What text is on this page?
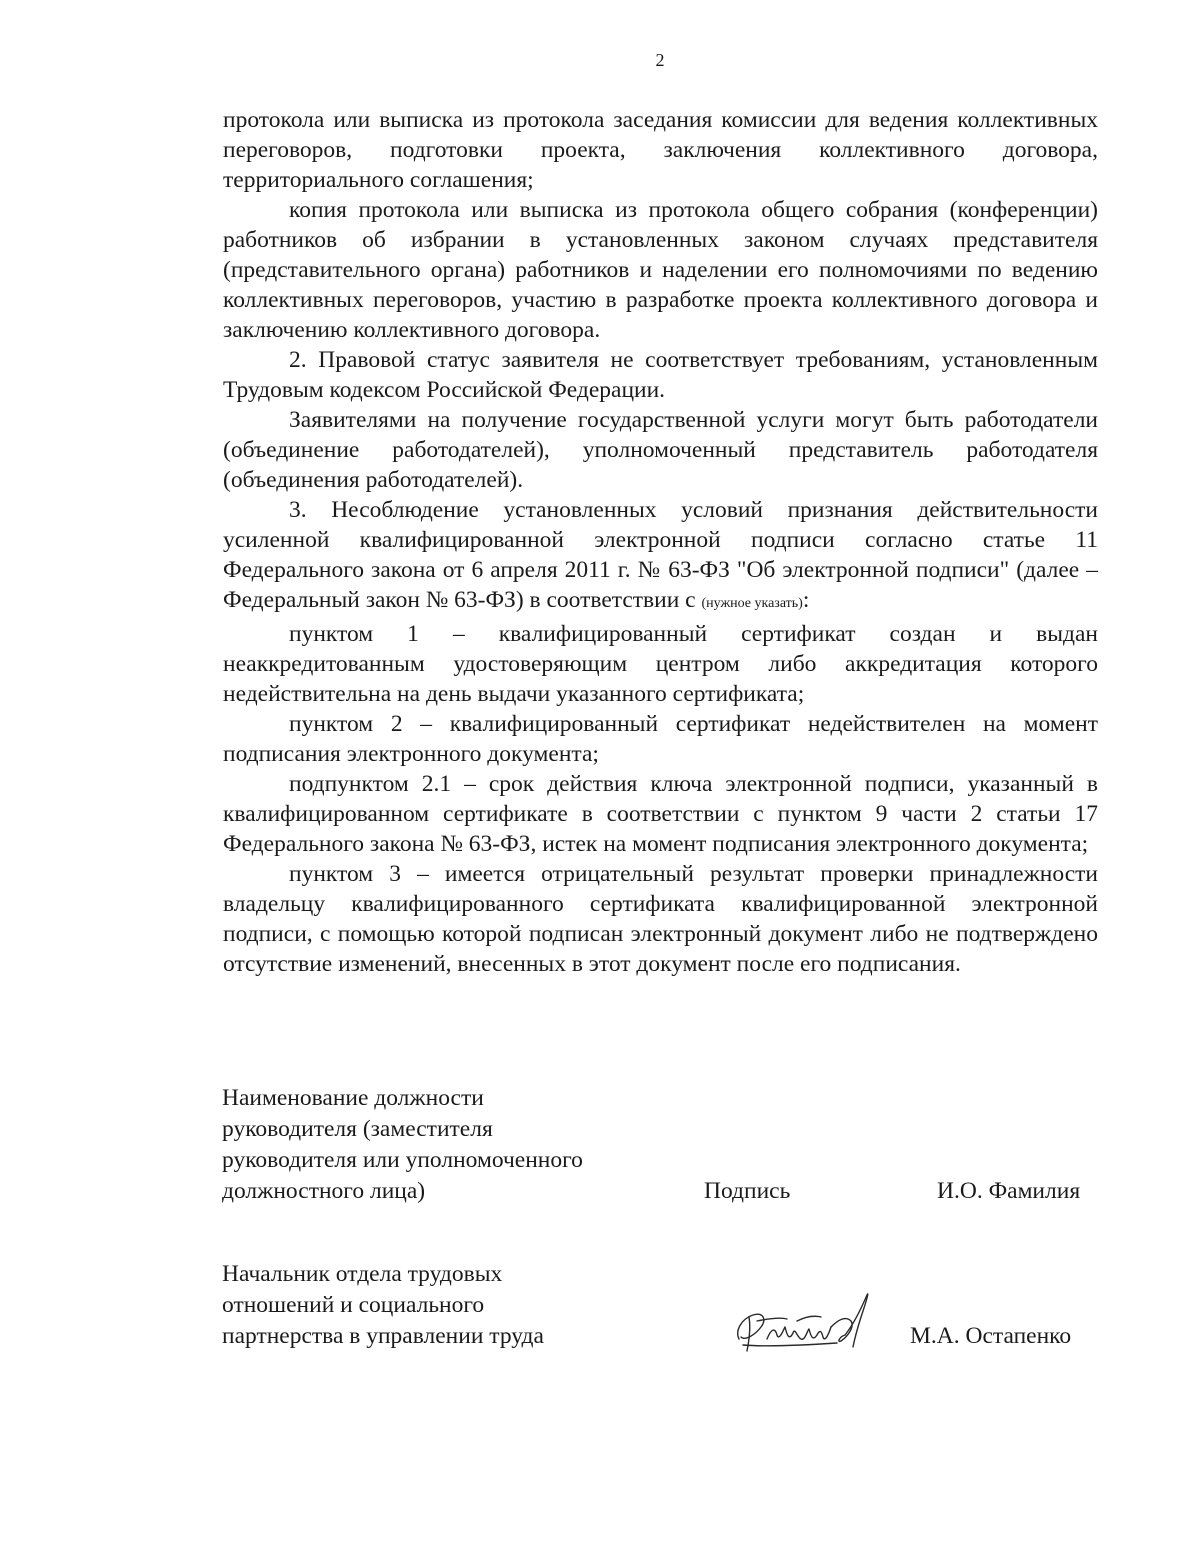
2

протокола или выписка из протокола заседания комиссии для ведения коллективных переговоров, подготовки проекта, заключения коллективного договора, территориального соглашения;

копия протокола или выписка из протокола общего собрания (конференции) работников об избрании в установленных законом случаях представителя (представительного органа) работников и наделении его полномочиями по ведению коллективных переговоров, участию в разработке проекта коллективного договора и заключению коллективного договора.

2. Правовой статус заявителя не соответствует требованиям, установленным Трудовым кодексом Российской Федерации.

Заявителями на получение государственной услуги могут быть работодатели (объединение работодателей), уполномоченный представитель работодателя (объединения работодателей).

3. Несоблюдение установленных условий признания действительности усиленной квалифицированной электронной подписи согласно статье 11 Федерального закона от 6 апреля 2011 г. № 63-ФЗ "Об электронной подписи" (далее – Федеральный закон № 63-ФЗ) в соответствии с (нужное указать):

пунктом 1 – квалифицированный сертификат создан и выдан неаккредитованным удостоверяющим центром либо аккредитация которого недействительна на день выдачи указанного сертификата;

пунктом 2 – квалифицированный сертификат недействителен на момент подписания электронного документа;

подпунктом 2.1 – срок действия ключа электронной подписи, указанный в квалифицированном сертификате в соответствии с пунктом 9 части 2 статьи 17 Федерального закона № 63-ФЗ, истек на момент подписания электронного документа;

пунктом 3 – имеется отрицательный результат проверки принадлежности владельцу квалифицированного сертификата квалифицированной электронной подписи, с помощью которой подписан электронный документ либо не подтверждено отсутствие изменений, внесенных в этот документ после его подписания.

Наименование должности
руководителя (заместителя
руководителя или уполномоченного
должностного лица)	Подпись	И.О. Фамилия
Начальник отдела трудовых
отношений и социального
партнерства в управлении труда	М.А. Остапенко
